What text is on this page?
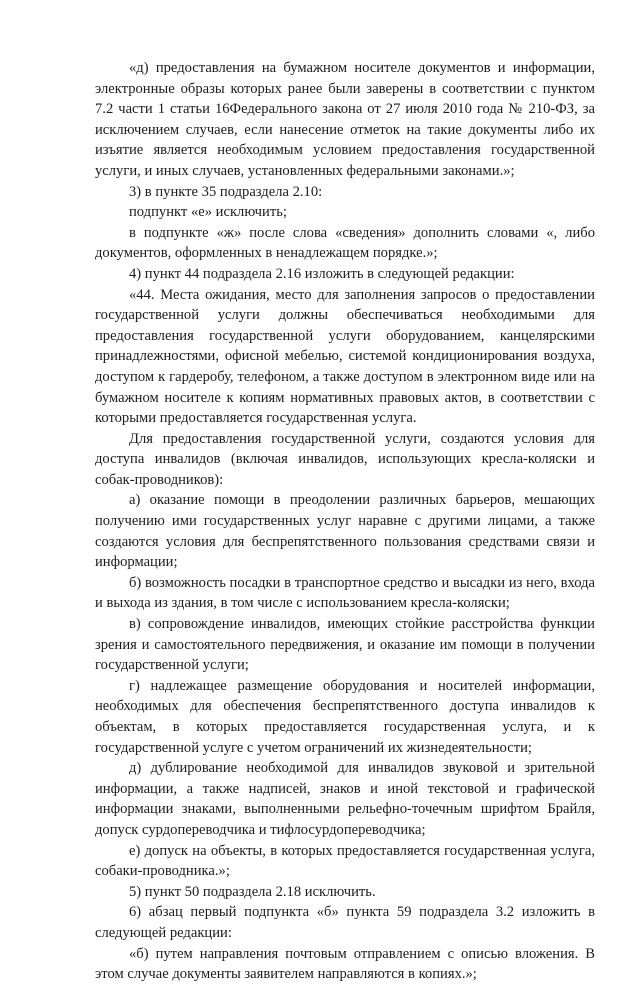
«д) предоставления на бумажном носителе документов и информации, электронные образы которых ранее были заверены в соответствии с пунктом 7.2 части 1 статьи 16Федерального закона от 27 июля 2010 года № 210-ФЗ, за исключением случаев, если нанесение отметок на такие документы либо их изъятие является необходимым условием предоставления государственной услуги, и иных случаев, установленных федеральными законами.»;

3) в пункте 35 подраздела 2.10:

подпункт «е» исключить;

в подпункте «ж» после слова «сведения» дополнить словами «, либо документов, оформленных в ненадлежащем порядке.»;

4) пункт 44 подраздела 2.16 изложить в следующей редакции:

«44. Места ожидания, место для заполнения запросов о предоставлении государственной услуги должны обеспечиваться необходимыми для предоставления государственной услуги оборудованием, канцелярскими принадлежностями, офисной мебелью, системой кондиционирования воздуха, доступом к гардеробу, телефоном, а также доступом в электронном виде или на бумажном носителе к копиям нормативных правовых актов, в соответствии с которыми предоставляется государственная услуга.

Для предоставления государственной услуги, создаются условия для доступа инвалидов (включая инвалидов, использующих кресла-коляски и собак-проводников):

а) оказание помощи в преодолении различных барьеров, мешающих получению ими государственных услуг наравне с другими лицами, а также создаются условия для беспрепятственного пользования средствами связи и информации;

б) возможность посадки в транспортное средство и высадки из него, входа и выхода из здания, в том числе с использованием кресла-коляски;

в) сопровождение инвалидов, имеющих стойкие расстройства функции зрения и самостоятельного передвижения, и оказание им помощи в получении государственной услуги;

г) надлежащее размещение оборудования и носителей информации, необходимых для обеспечения беспрепятственного доступа инвалидов к объектам, в которых предоставляется государственная услуга, и к государственной услуге с учетом ограничений их жизнедеятельности;

д) дублирование необходимой для инвалидов звуковой и зрительной информации, а также надписей, знаков и иной текстовой и графической информации знаками, выполненными рельефно-точечным шрифтом Брайля, допуск сурдопереводчика и тифлосурдопереводчика;

е) допуск на объекты, в которых предоставляется государственная услуга, собаки-проводника.»;

5) пункт 50 подраздела 2.18 исключить.

6) абзац первый подпункта «б» пункта 59 подраздела 3.2 изложить в следующей редакции:

«б) путем направления почтовым отправлением с описью вложения. В этом случае документы заявителем направляются в копиях.»;
